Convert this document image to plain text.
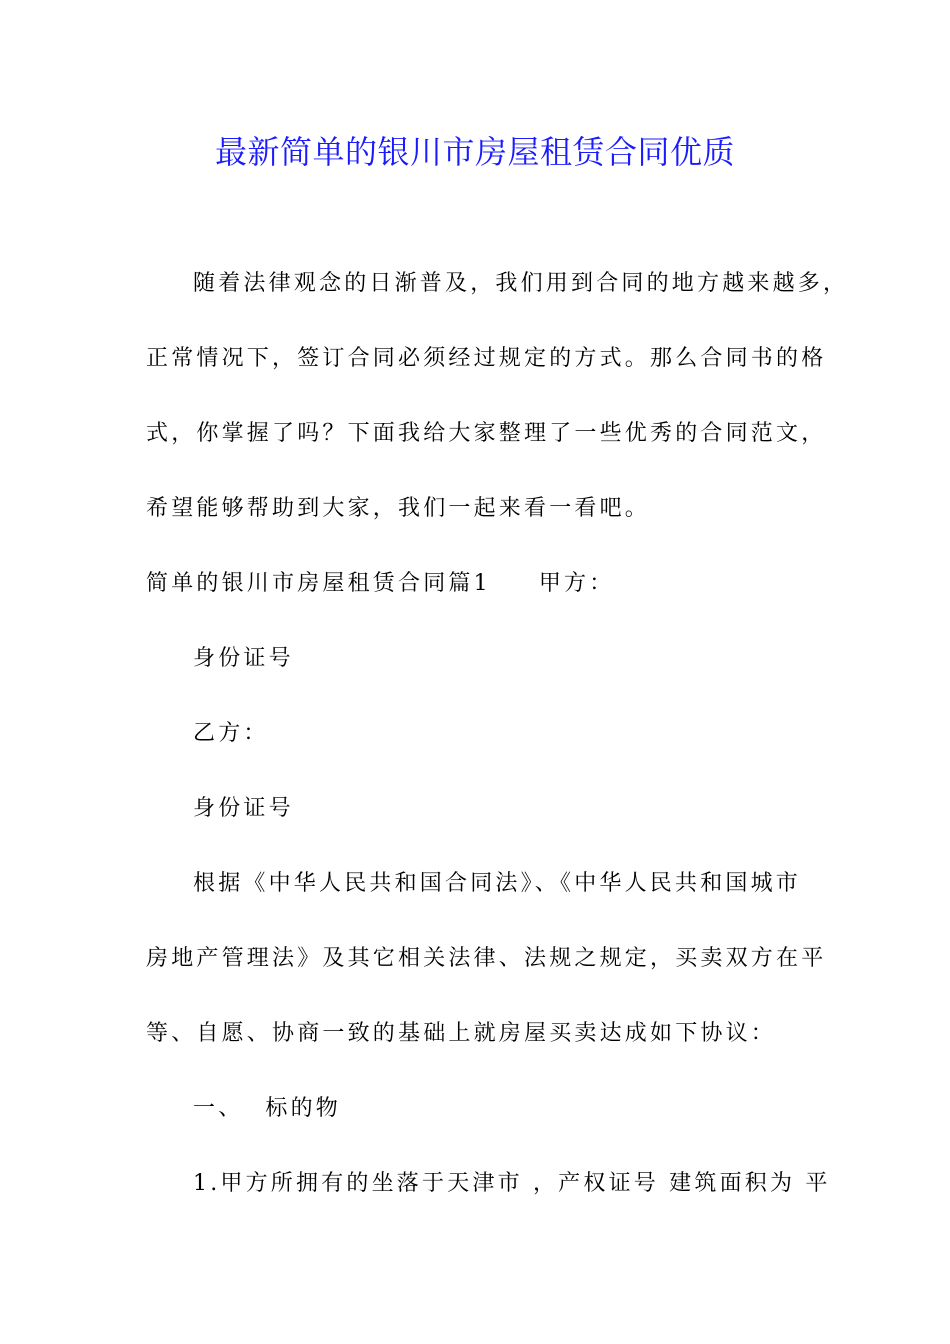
最新简单的银川市房屋租赁合同优质
随着法律观念的日渐普及，我们用到合同的地方越来越多，
正常情况下，签订合同必须经过规定的方式。那么合同书的格
式，你掌握了吗？下面我给大家整理了一些优秀的合同范文，
希望能够帮助到大家，我们一起来看一看吧。
简单的银川市房屋租赁合同篇1 甲方：
身份证号
乙方：
身份证号
根据《中华人民共和国合同法》、《中华人民共和国城市
房地产管理法》及其它相关法律、法规之规定，买卖双方在平
等、自愿、协商一致的基础上就房屋买卖达成如下协议：
一、 标的物
1.甲方所拥有的坐落于天津市 ，产权证号 建筑面积为 平
